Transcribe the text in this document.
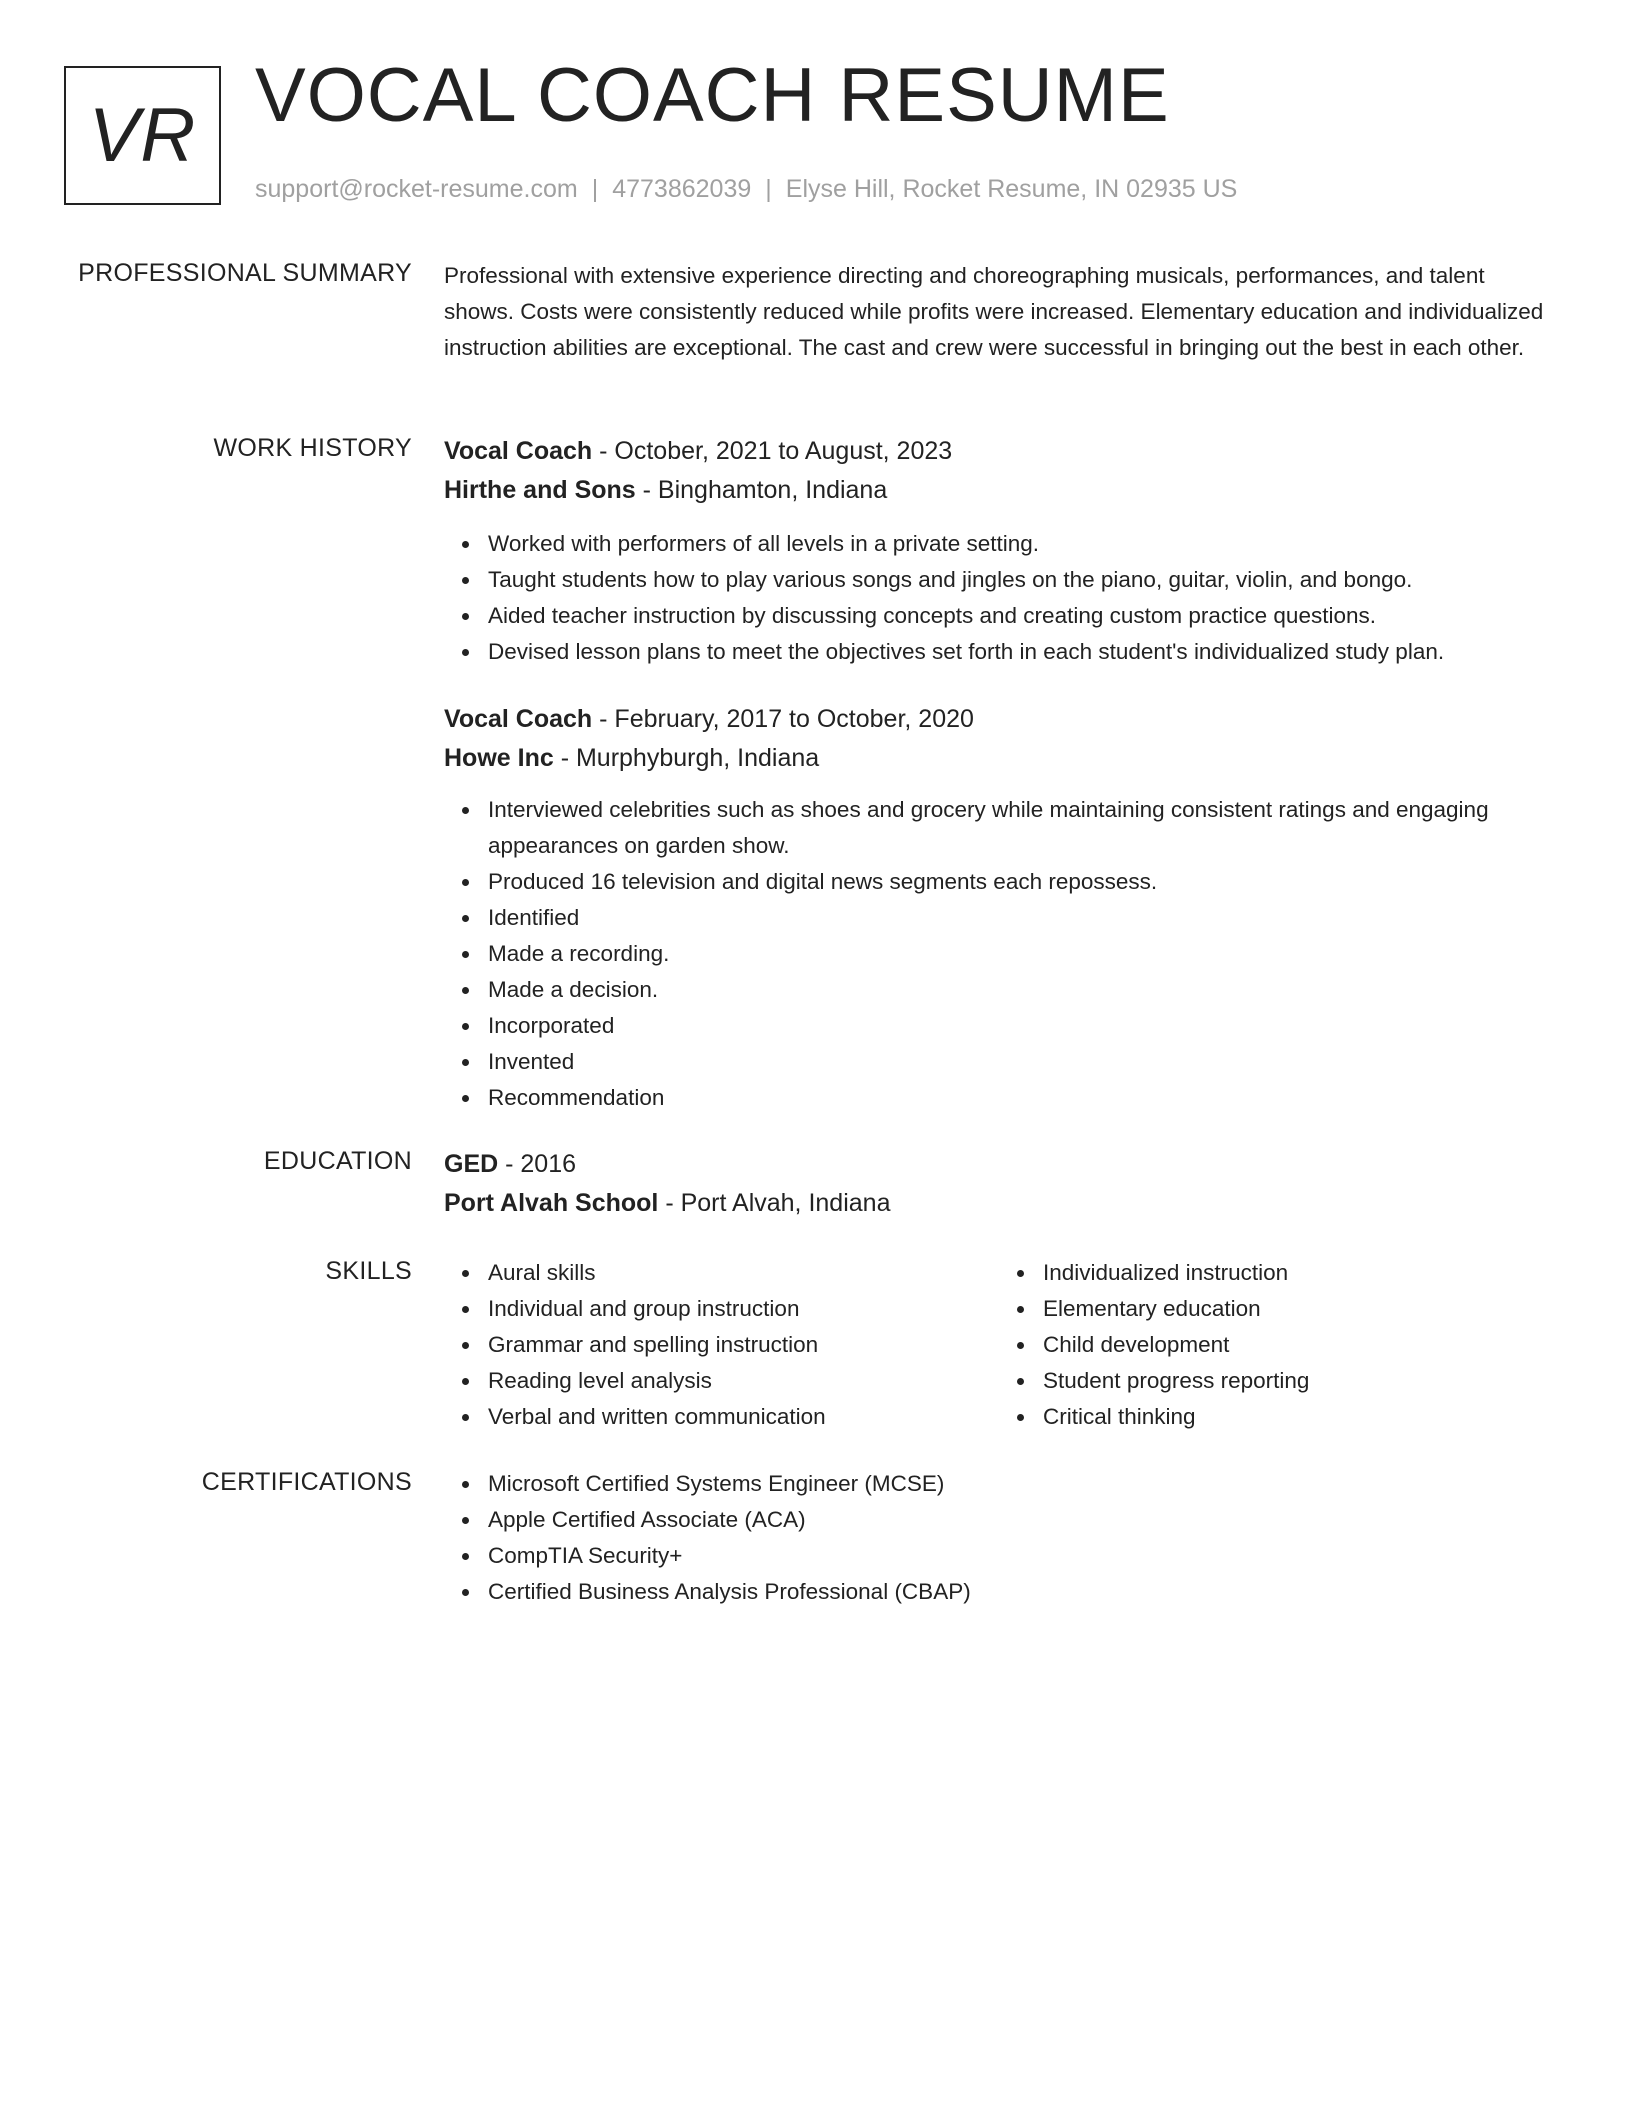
VR VOCAL COACH RESUME
support@rocket-resume.com | 4773862039 | Elyse Hill, Rocket Resume, IN 02935 US
PROFESSIONAL SUMMARY Professional with extensive experience directing and choreographing musicals, performances, and talent shows. Costs were consistently reduced while profits were increased. Elementary education and individualized instruction abilities are exceptional. The cast and crew were successful in bringing out the best in each other.
WORK HISTORY Vocal Coach - October, 2021 to August, 2023
Hirthe and Sons - Binghamton, Indiana
Worked with performers of all levels in a private setting.
Taught students how to play various songs and jingles on the piano, guitar, violin, and bongo.
Aided teacher instruction by discussing concepts and creating custom practice questions.
Devised lesson plans to meet the objectives set forth in each student's individualized study plan.
Vocal Coach - February, 2017 to October, 2020
Howe Inc - Murphyburgh, Indiana
Interviewed celebrities such as shoes and grocery while maintaining consistent ratings and engaging appearances on garden show.
Produced 16 television and digital news segments each repossess.
Identified
Made a recording.
Made a decision.
Incorporated
Invented
Recommendation
EDUCATION GED - 2016
Port Alvah School - Port Alvah, Indiana
SKILLS	Aural skills
Individual and group instruction
Grammar and spelling instruction
Reading level analysis
Verbal and written communication
Individualized instruction
Elementary education
Child development
Student progress reporting
Critical thinking
CERTIFICATIONS	Microsoft Certified Systems Engineer (MCSE)
Apple Certified Associate (ACA)
CompTIA Security+
Certified Business Analysis Professional (CBAP)
